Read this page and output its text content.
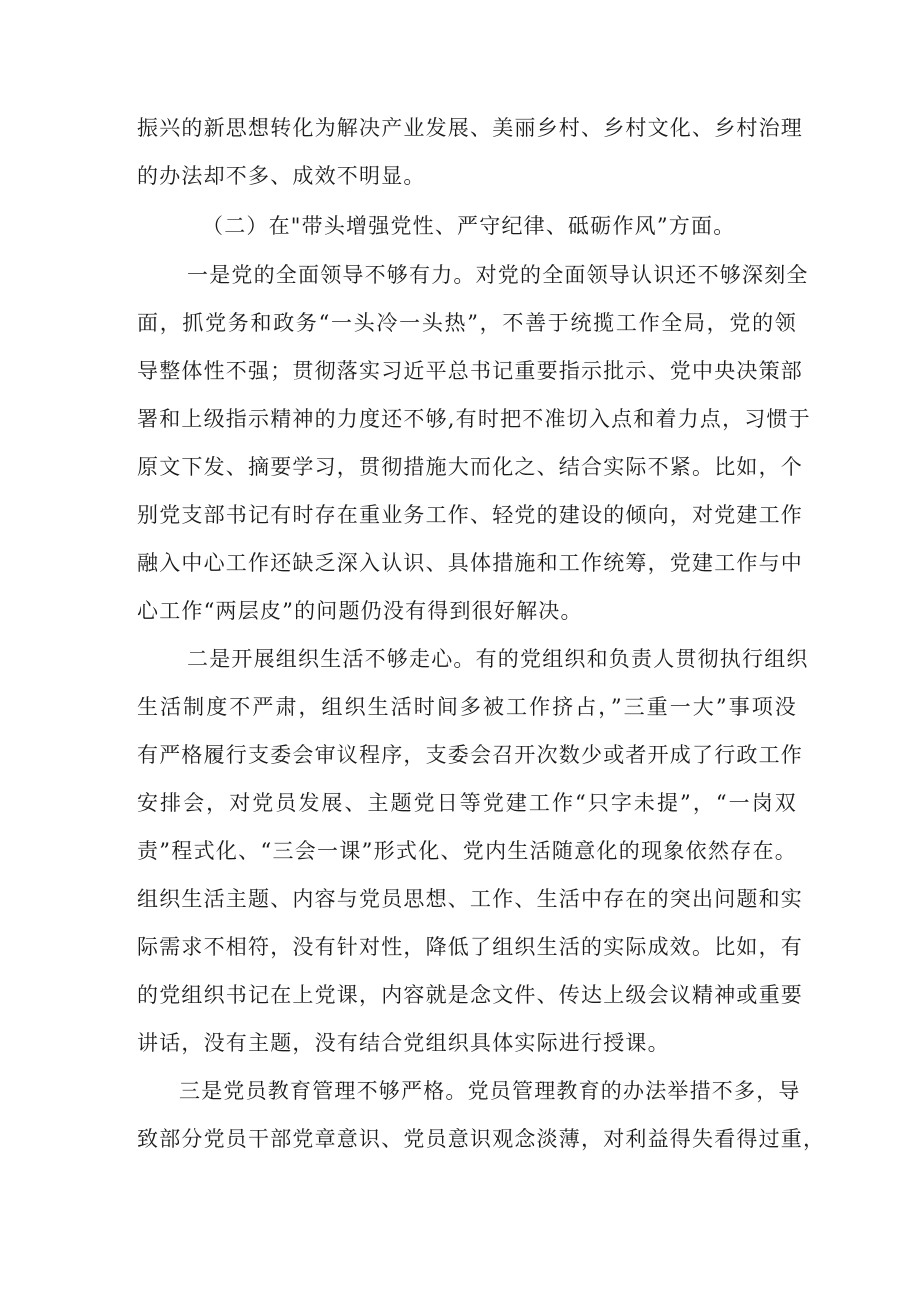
振兴的新思想转化为解决产业发展、美丽乡村、乡村文化、乡村治理
的办法却不多、成效不明显。
（二）在"带头增强党性、严守纪律、砥砺作风”方面。
一是党的全面领导不够有力。对党的全面领导认识还不够深刻全
面，抓党务和政务“一头冷一头热”，不善于统揽工作全局，党的领
导整体性不强；贯彻落实习近平总书记重要指示批示、党中央决策部
署和上级指示精神的力度还不够,有时把不准切入点和着力点，习惯于
原文下发、摘要学习，贯彻措施大而化之、结合实际不紧。比如，个
别党支部书记有时存在重业务工作、轻党的建设的倾向，对党建工作
融入中心工作还缺乏深入认识、具体措施和工作统筹，党建工作与中
心工作“两层皮”的问题仍没有得到很好解决。
二是开展组织生活不够走心。有的党组织和负责人贯彻执行组织
生活制度不严肃，组织生活时间多被工作挤占，”三重一大”事项没
有严格履行支委会审议程序，支委会召开次数少或者开成了行政工作
安排会，对党员发展、主题党日等党建工作“只字未提”，“一岗双
责”程式化、“三会一课”形式化、党内生活随意化的现象依然存在。
组织生活主题、内容与党员思想、工作、生活中存在的突出问题和实
际需求不相符，没有针对性，降低了组织生活的实际成效。比如，有
的党组织书记在上党课，内容就是念文件、传达上级会议精神或重要
讲话，没有主题，没有结合党组织具体实际进行授课。
三是党员教育管理不够严格。党员管理教育的办法举措不多，导
致部分党员干部党章意识、党员意识观念淡薄，对利益得失看得过重，
